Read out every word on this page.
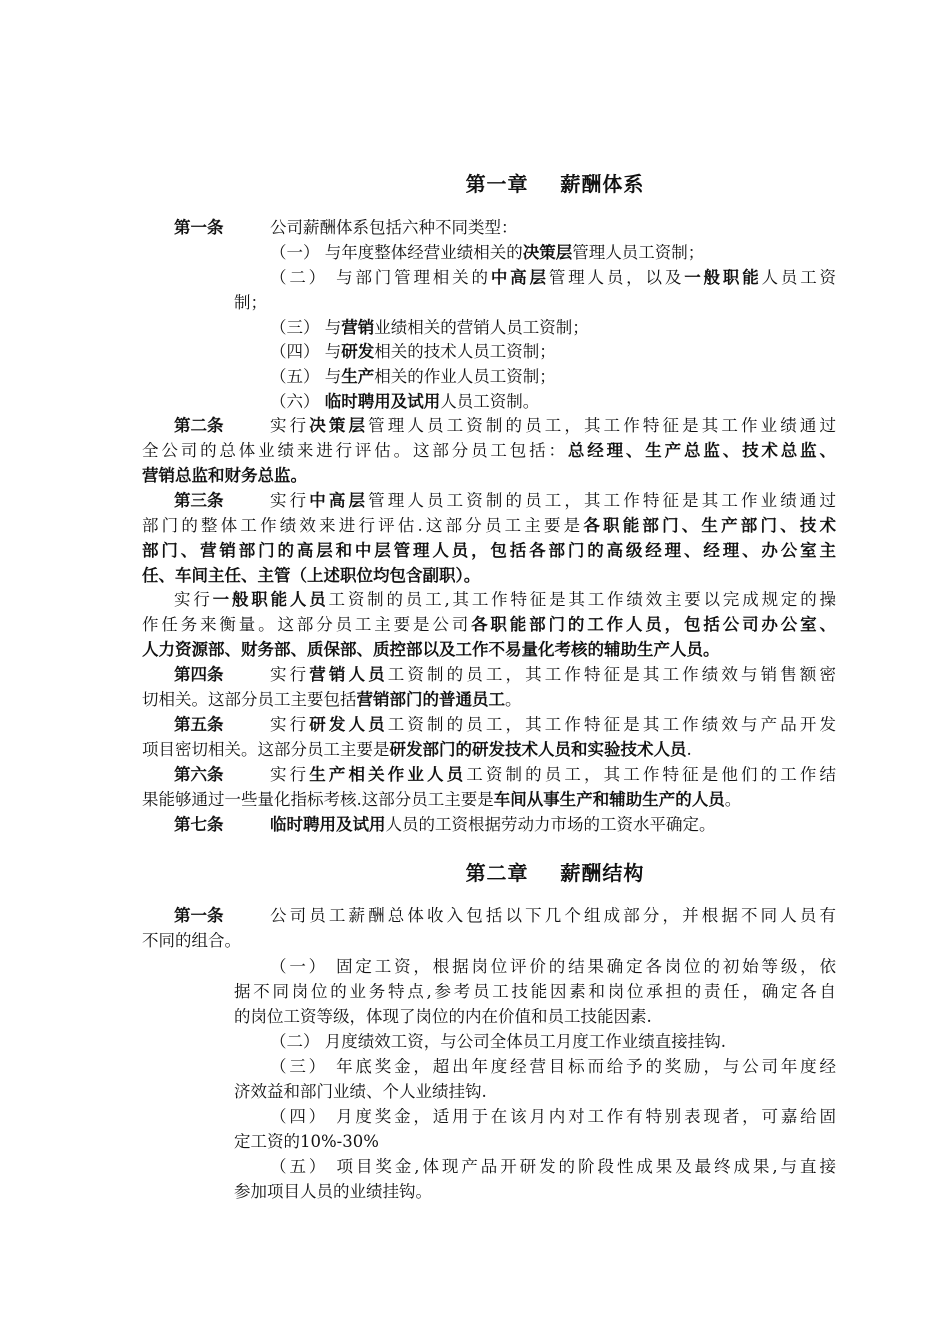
第一章    薪酬体系
第一条	公司薪酬体系包括六种不同类型：
（一） 与年度整体经营业绩相关的决策层管理人员工资制；
（二） 与部门管理相关的中高层管理人员，以及一般职能人员工资
制；
（三） 与营销业绩相关的营销人员工资制；
（四） 与研发相关的技术人员工资制；
（五） 与生产相关的作业人员工资制；
（六） 临时聘用及试用人员工资制。
第二条	实行决策层管理人员工资制的员工，其工作特征是其工作业绩通过
全公司的总体业绩来进行评估。这部分员工包括：总经理、生产总监、技术总监、
营销总监和财务总监。
第三条	实行中高层管理人员工资制的员工，其工作特征是其工作业绩通过
部门的整体工作绩效来进行评估.这部分员工主要是各职能部门、生产部门、技术
部门、营销部门的高层和中层管理人员，包括各部门的高级经理、经理、办公室主
任、车间主任、主管（上述职位均包含副职）。
实行一般职能人员工资制的员工,其工作特征是其工作绩效主要以完成规定的操
作任务来衡量。这部分员工主要是公司各职能部门的工作人员，包括公司办公室、
人力资源部、财务部、质保部、质控部以及工作不易量化考核的辅助生产人员。
第四条	实行营销人员工资制的员工，其工作特征是其工作绩效与销售额密
切相关。这部分员工主要包括营销部门的普通员工。
第五条	实行研发人员工资制的员工，其工作特征是其工作绩效与产品开发
项目密切相关。这部分员工主要是研发部门的研发技术人员和实验技术人员.
第六条	实行生产相关作业人员工资制的员工，其工作特征是他们的工作结
果能够通过一些量化指标考核.这部分员工主要是车间从事生产和辅助生产的人员。
第七条	临时聘用及试用人员的工资根据劳动力市场的工资水平确定。
第二章    薪酬结构
第一条	公司员工薪酬总体收入包括以下几个组成部分，并根据不同人员有
不同的组合。
（一） 固定工资，根据岗位评价的结果确定各岗位的初始等级，依
据不同岗位的业务特点,参考员工技能因素和岗位承担的责任，确定各自
的岗位工资等级，体现了岗位的内在价值和员工技能因素.
（二） 月度绩效工资，与公司全体员工月度工作业绩直接挂钩.
（三） 年底奖金，超出年度经营目标而给予的奖励，与公司年度经
济效益和部门业绩、个人业绩挂钩.
（四） 月度奖金，适用于在该月内对工作有特别表现者，可嘉给固
定工资的10%-30%
（五） 项目奖金,体现产品开研发的阶段性成果及最终成果,与直接
参加项目人员的业绩挂钩。
